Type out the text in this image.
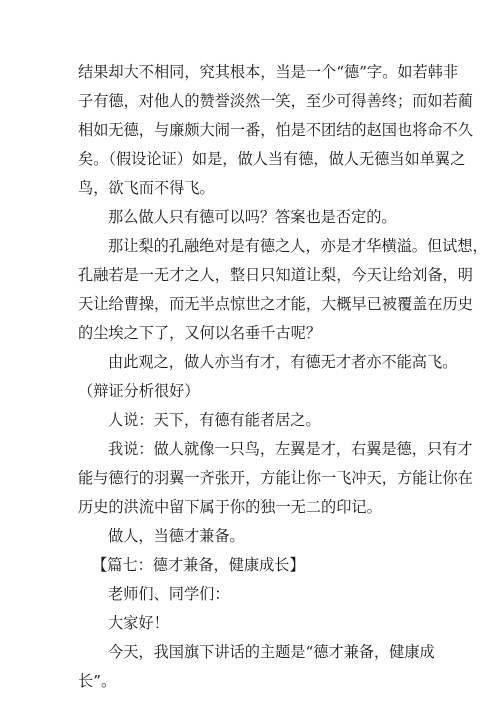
结果却大不相同，究其根本，当是一个“德”字。如若韩非
子有德，对他人的赞誉淡然一笑，至少可得善终；而如若蔺
相如无德，与廉颇大闹一番，怕是不团结的赵国也将命不久
矣。（假设论证）如是，做人当有德，做人无德当如单翼之
鸟，欲飞而不得飞。
那么做人只有德可以吗？答案也是否定的。
那让梨的孔融绝对是有德之人，亦是才华横溢。但试想，
孔融若是一无才之人，整日只知道让梨，今天让给刘备，明
天让给曹操，而无半点惊世之才能，大概早已被覆盖在历史
的尘埃之下了，又何以名垂千古呢？
由此观之，做人亦当有才，有德无才者亦不能高飞。
（辩证分析很好）
人说：天下，有德有能者居之。
我说：做人就像一只鸟，左翼是才，右翼是德，只有才
能与德行的羽翼一齐张开，方能让你一飞冲天，方能让你在
历史的洪流中留下属于你的独一无二的印记。
做人，当德才兼备。
【篇七：德才兼备，健康成长】
老师们、同学们：
大家好！
今天，我国旗下讲话的主题是“德才兼备，健康成
长”。
